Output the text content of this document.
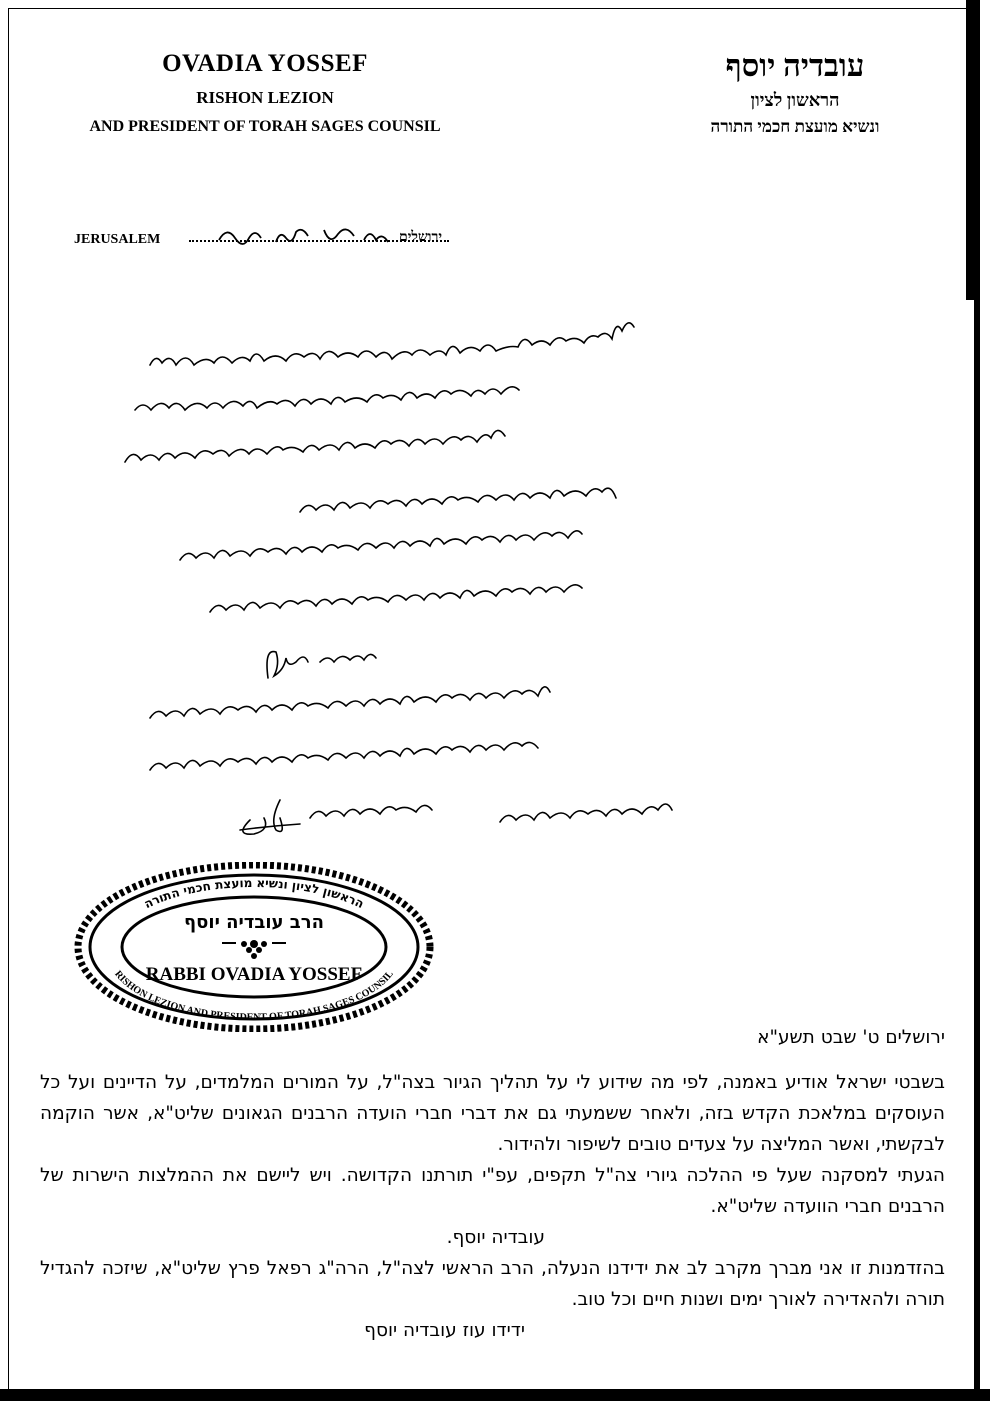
OVADIA YOSSEF
RISHON LEZION
AND PRESIDENT OF TORAH SAGES COUNSIL
עובדיה יוסף
הראשון לציון
ונשיא מועצת חכמי התורה
JERUSALEM	ירושלים
הראשון לציון ונשיא מועצת חכמי התורה
RISHON LEZION AND PRESIDENT OF TORAH SAGES COUNSIL
הרב עובדיה יוסף
RABBI OVADIA YOSSEF

ירושלים ט' שבט תשע"א

בשבטי ישראל אודיע באמנה, לפי מה שידוע לי על תהליך הגיור בצה"ל, על המורים המלמדים, על הדיינים ועל כל העוסקים במלאכת הקדש בזה, ולאחר ששמעתי גם את דברי חברי הועדה הרבנים הגאונים שליט"א, אשר הוקמה לבקשתי, ואשר המליצה על צעדים טובים לשיפור ולהידור.

הגעתי למסקנה שעל פי ההלכה גיורי צה"ל תקפים, עפ"י תורתנו הקדושה. ויש ליישם את ההמלצות הישרות של הרבנים חברי הוועדה שליט"א.

עובדיה יוסף.

בהזדמנות זו אני מברך מקרב לב את ידידנו הנעלה, הרב הראשי לצה"ל, הרה"ג רפאל פרץ שליט"א, שיזכה להגדיל תורה ולהאדירה לאורך ימים ושנות חיים וכל טוב.

ידידו עוז עובדיה יוסף
